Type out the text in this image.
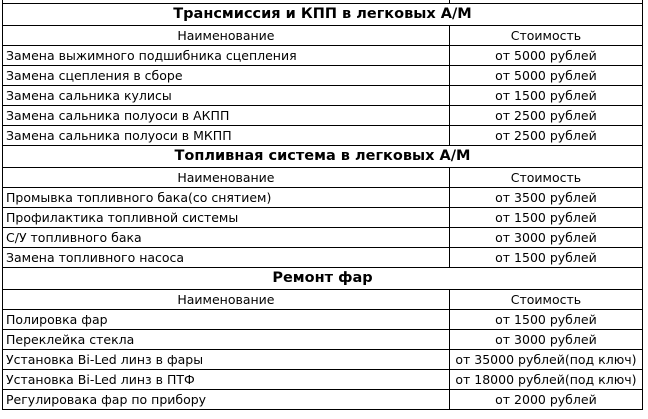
Трансмиссия и КПП в легковых А/М	
Наименование	Стоимость
Замена выжимного подшибника сцепления	от 5000 рублей
Замена сцепления в сборе	от 5000 рублей
Замена сальника кулисы	от 1500 рублей
Замена сальника полуоси в АКПП	от 2500 рублей
Замена сальника полуоси в МКПП	от 2500 рублей
Топливная система в легковых А/М	
Наименование	Стоимость
Промывка топливного бака(со снятием)	от 3500 рублей
Профилактика топливной системы	от 1500 рублей
С/У топливного бака	от 3000 рублей
Замена топливного насоса	от 1500 рублей
Ремонт фар	
Наименование	Стоимость
Полировка фар	от 1500 рублей
Переклейка стекла	от 3000 рублей
Установка Bi-Led линз в фары	от 35000 рублей(под ключ)
Установка Bi-Led линз в ПТФ	от 18000 рублей(под ключ)
Регулировака фар по прибору	от 2000 рублей
